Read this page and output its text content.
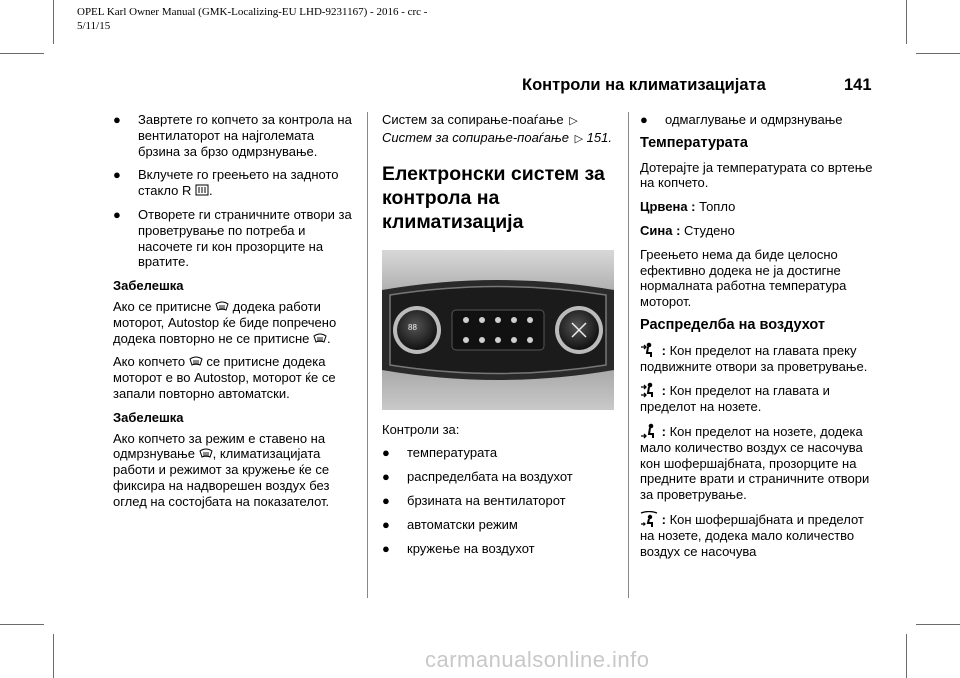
OPEL Karl Owner Manual (GMK-Localizing-EU LHD-9231167) - 2016 - crc -
5/11/15
Контроли на климатизацијата	141
● Завртете го копчето за контрола на вентилаторот на најголемата брзина за брзо одмрзнување.
● Вклучете го греењето на задното стакло R .
● Отворете ги страничните отвори за проветрување по потреба и насочете ги кон прозорците на вратите.
Забелешка

Ако се притисне додека работи моторот, Autostop ќе биде попречено додека повторно не се притисне .

Ако копчето се притисне додека моторот е во Autostop, моторот ќе се запали повторно автоматски.

Забелешка

Ако копчето за режим е ставено на одмрзнување , климатизацијата работи и режимот за кружење ќе се фиксира на надворешен воздух без оглед на состојбата на показателот.

Систем за сопирање-поаѓање ▷
Систем за сопирање-поаѓање ▷ 151.

Електронски систем за контрола на климатизација
88

Контроли за:

● температурата
● распределбата на воздухот
● брзината на вентилаторот
● автоматски режим
● кружење на воздухот
● одмаглување и одмрзнување
Температурата

Дотерајте ја температурата со вртење на копчето.

Црвена : Топло

Сина : Студено

Греењето нема да биде целосно ефективно додека не ја достигне нормалната работна температура моторот.

Распределба на воздухот

: Кон пределот на главата преку подвижните отвори за проветрување.

: Кон пределот на главата и пределот на нозете.

: Кон пределот на нозете, додека мало количество воздух се насочува кон шофершајбната, прозорците на предните врати и страничните отвори за проветрување.

: Кон шофершајбната и пределот на нозете, додека мало количество воздух се насочува

carmanualsonline.info
